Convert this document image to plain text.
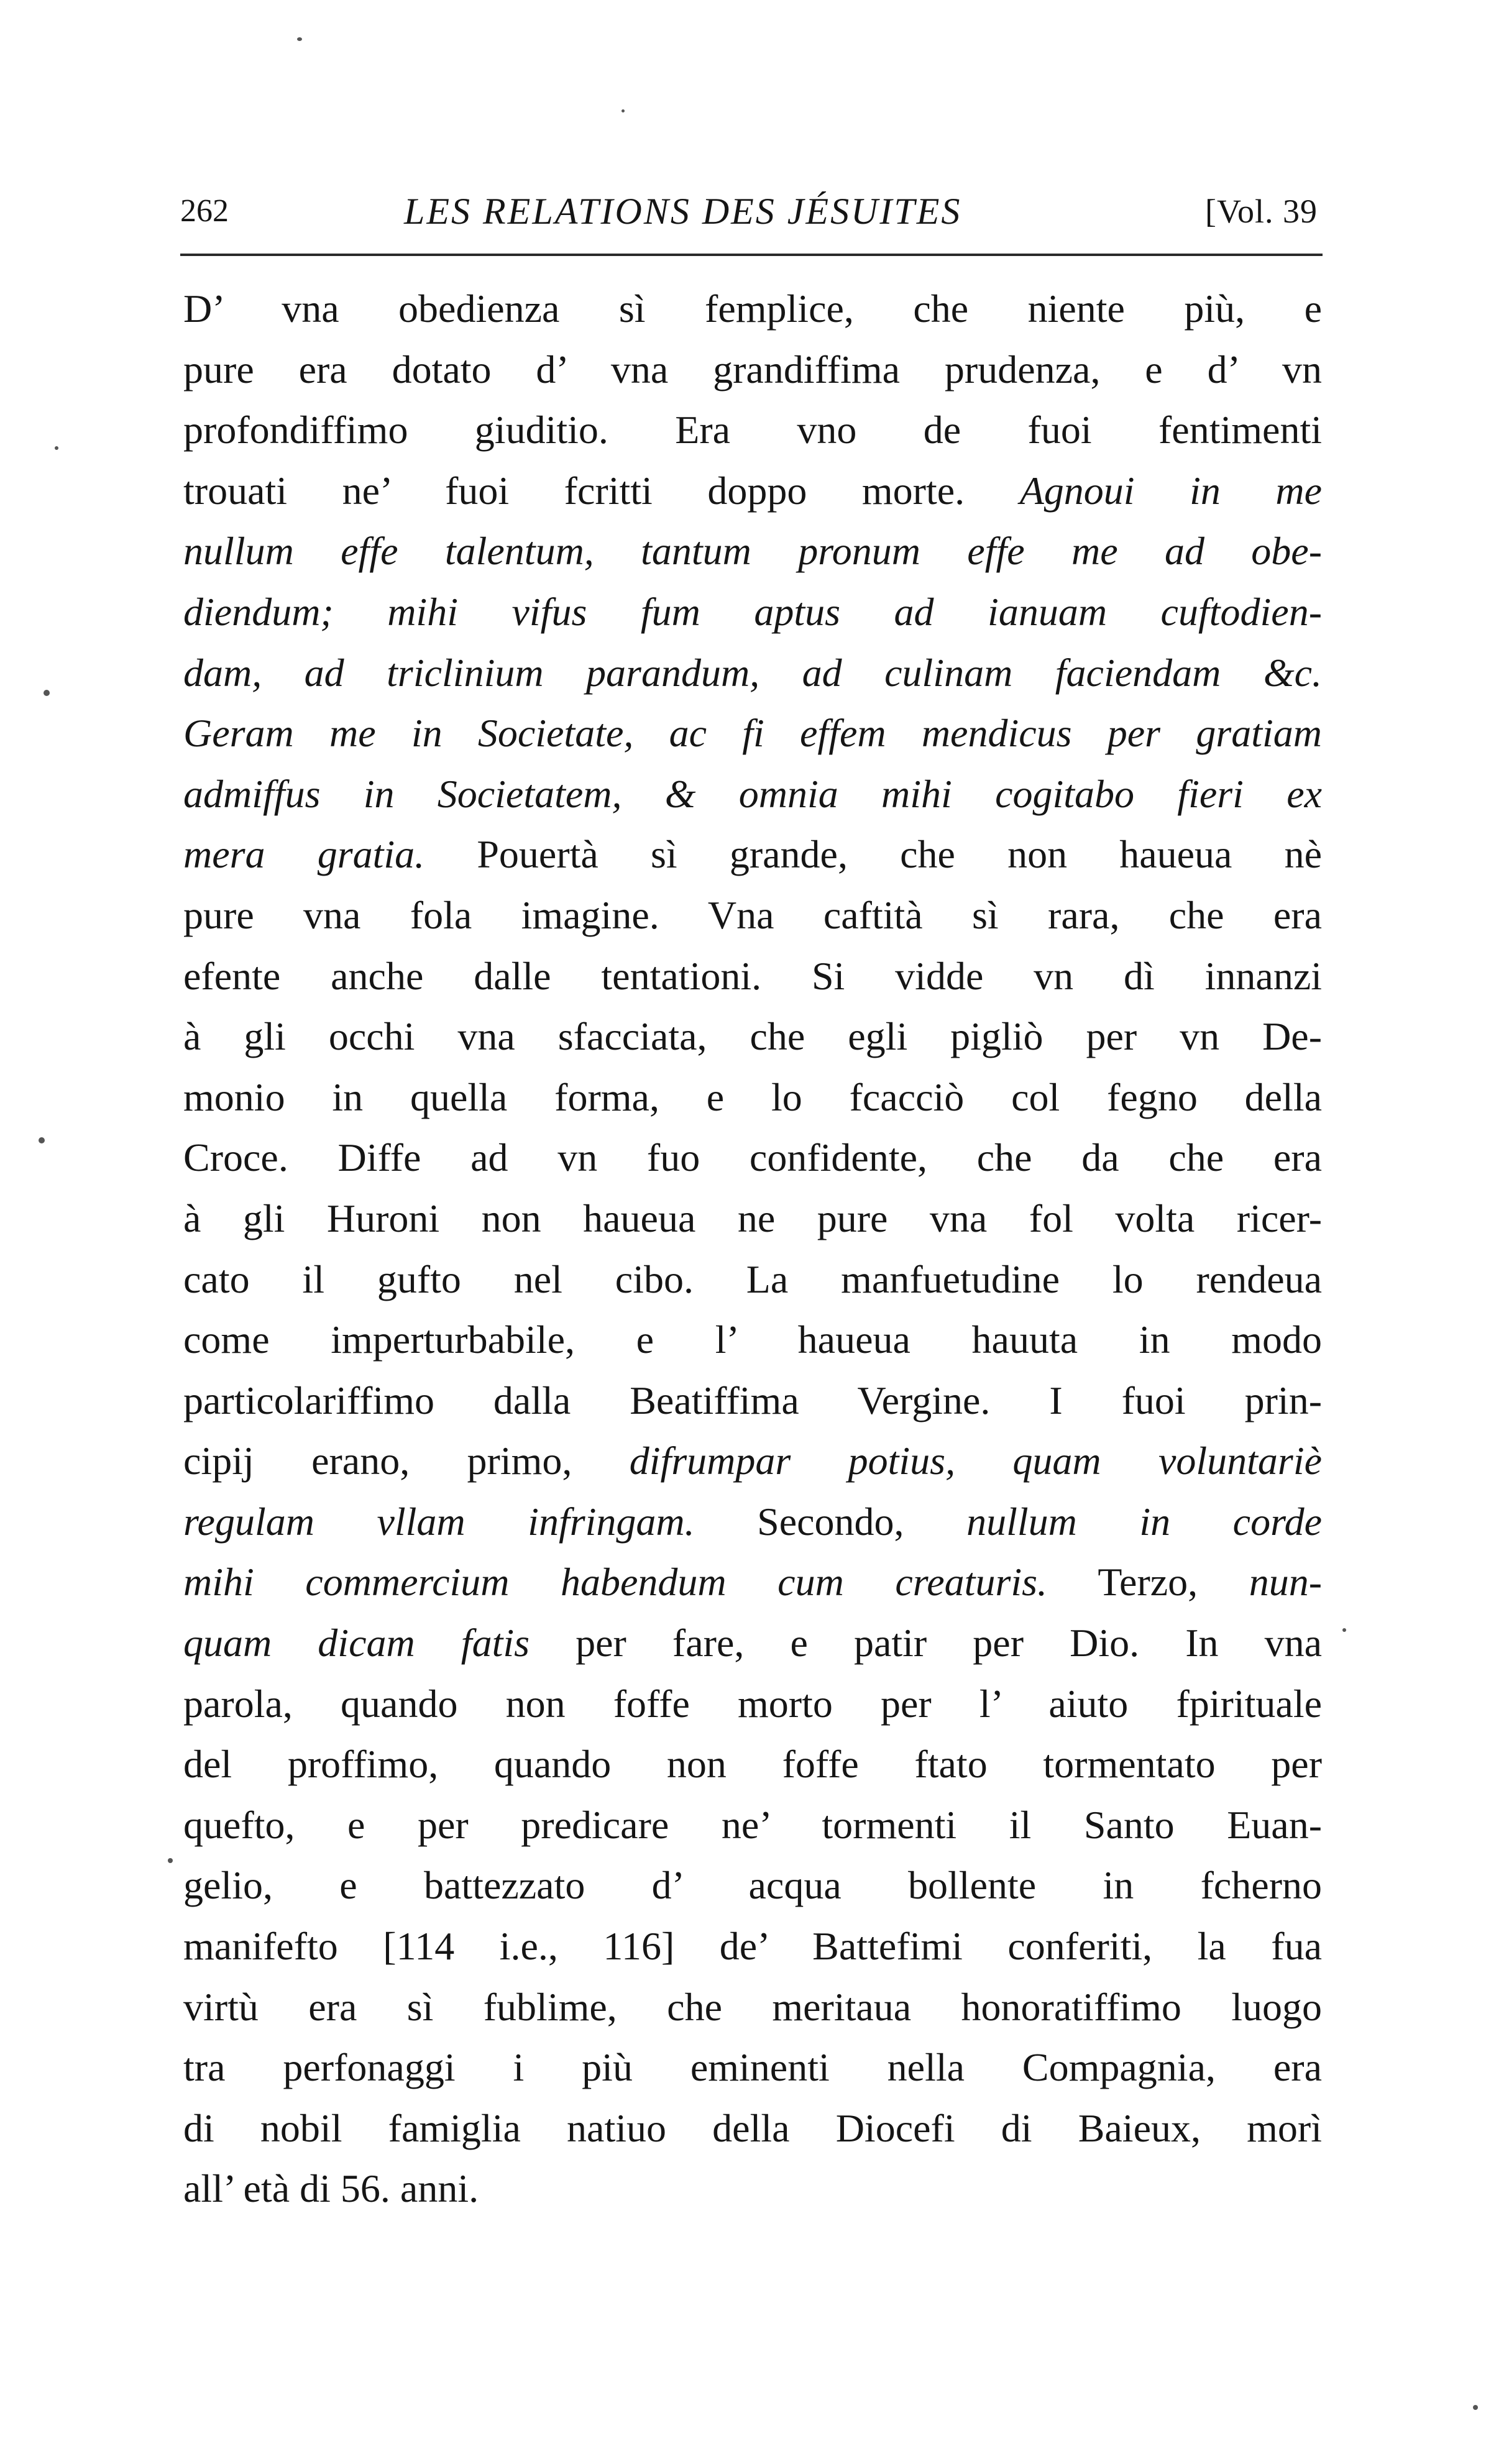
262	LES RELATIONS DES JÉSUITES	[Vol. 39
D’ vna obedienza sì femplice, che niente più, e
pure era dotato d’ vna grandiffima prudenza, e d’ vn
profondiffimo giuditio. Era vno de fuoi fentimenti
trouati ne’ fuoi fcritti doppo morte. Agnoui in me
nullum effe talentum, tantum pronum effe me ad obe-
diendum; mihi vifus fum aptus ad ianuam cuftodien-
dam, ad triclinium parandum, ad culinam faciendam &c.
Geram me in Societate, ac fi effem mendicus per gratiam
admiffus in Societatem, & omnia mihi cogitabo fieri ex
mera gratia. Pouertà sì grande, che non haueua nè
pure vna fola imagine. Vna caftità sì rara, che era
efente anche dalle tentationi. Si vidde vn dì innanzi
à gli occhi vna sfacciata, che egli pigliò per vn De-
monio in quella forma, e lo fcacciò col fegno della
Croce. Diffe ad vn fuo confidente, che da che era
à gli Huroni non haueua ne pure vna fol volta ricer-
cato il gufto nel cibo. La manfuetudine lo rendeua
come imperturbabile, e l’ haueua hauuta in modo
particolariffimo dalla Beatiffima Vergine. I fuoi prin-
cipij erano, primo, difrumpar potius, quam voluntariè
regulam vllam infringam. Secondo, nullum in corde
mihi commercium habendum cum creaturis. Terzo, nun-
quam dicam fatis per fare, e patir per Dio. In vna
parola, quando non foffe morto per l’ aiuto fpirituale
del proffimo, quando non foffe ftato tormentato per
quefto, e per predicare ne’ tormenti il Santo Euan-
gelio, e battezzato d’ acqua bollente in fcherno
manifefto [114 i.e., 116] de’ Battefimi conferiti, la fua
virtù era sì fublime, che meritaua honoratiffimo luogo
tra perfonaggi i più eminenti nella Compagnia, era
di nobil famiglia natiuo della Diocefi di Baieux, morì
all’ età di 56. anni.
